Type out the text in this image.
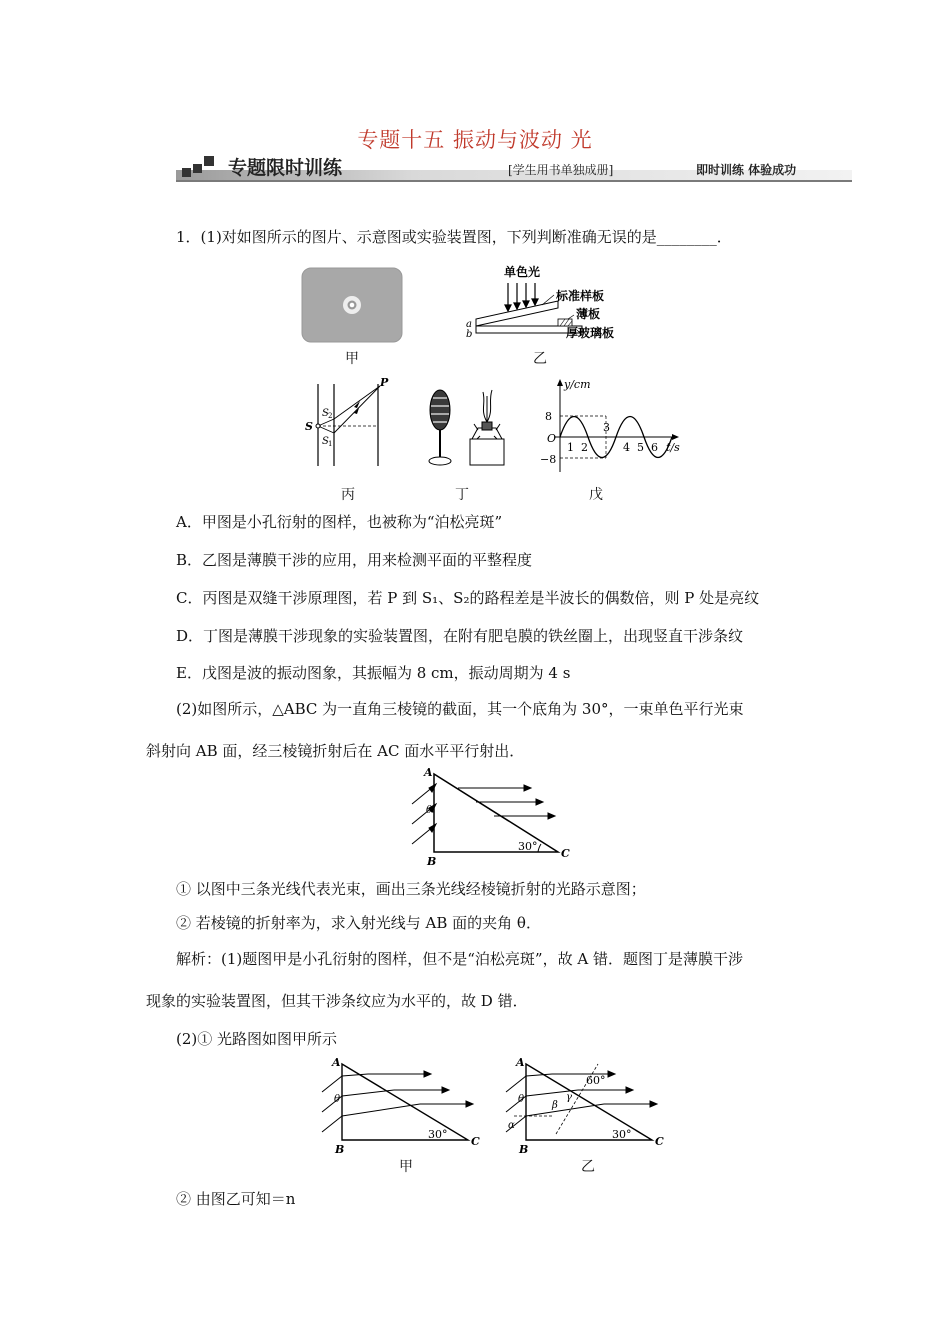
专题十五 振动与波动 光
专题限时训练	[学生用书单独成册]	即时训练 体验成功
1．(1)对如图所示的图片、示意图或实验装置图，下列判断准确无误的是________．
甲
单色光
标准样板
薄板
厚玻璃板
a
b
乙
S
S 2
S 1
P
丙	丁
y/cm
t/s
8
−8
O
1 2
3
4 5 6
戊
A．甲图是小孔衍射的图样，也被称为“泊松亮斑”
B．乙图是薄膜干涉的应用，用来检测平面的平整程度
C．丙图是双缝干涉原理图，若 P 到 S₁、S₂的路程差是半波长的偶数倍，则 P 处是亮纹
D．丁图是薄膜干涉现象的实验装置图，在附有肥皂膜的铁丝圈上，出现竖直干涉条纹
E．戊图是波的振动图象，其振幅为 8 cm，振动周期为 4 s
(2)如图所示，△ABC 为一直角三棱镜的截面，其一个底角为 30°，一束单色平行光束
斜射向 AB 面，经三棱镜折射后在 AC 面水平平行射出．
θ
30°
A
B
C
① 以图中三条光线代表光束，画出三条光线经棱镜折射的光路示意图；
② 若棱镜的折射率为，求入射光线与 AB 面的夹角 θ．
解析：(1)题图甲是小孔衍射的图样，但不是“泊松亮斑”，故 A 错．题图丁是薄膜干涉
现象的实验装置图，但其干涉条纹应为水平的，故 D 错．
(2)① 光路图如图甲所示
θ
30°
A
B
C
甲
θ
α
β
γ
60°
30°
A
B
C
乙
② 由图乙可知＝n
